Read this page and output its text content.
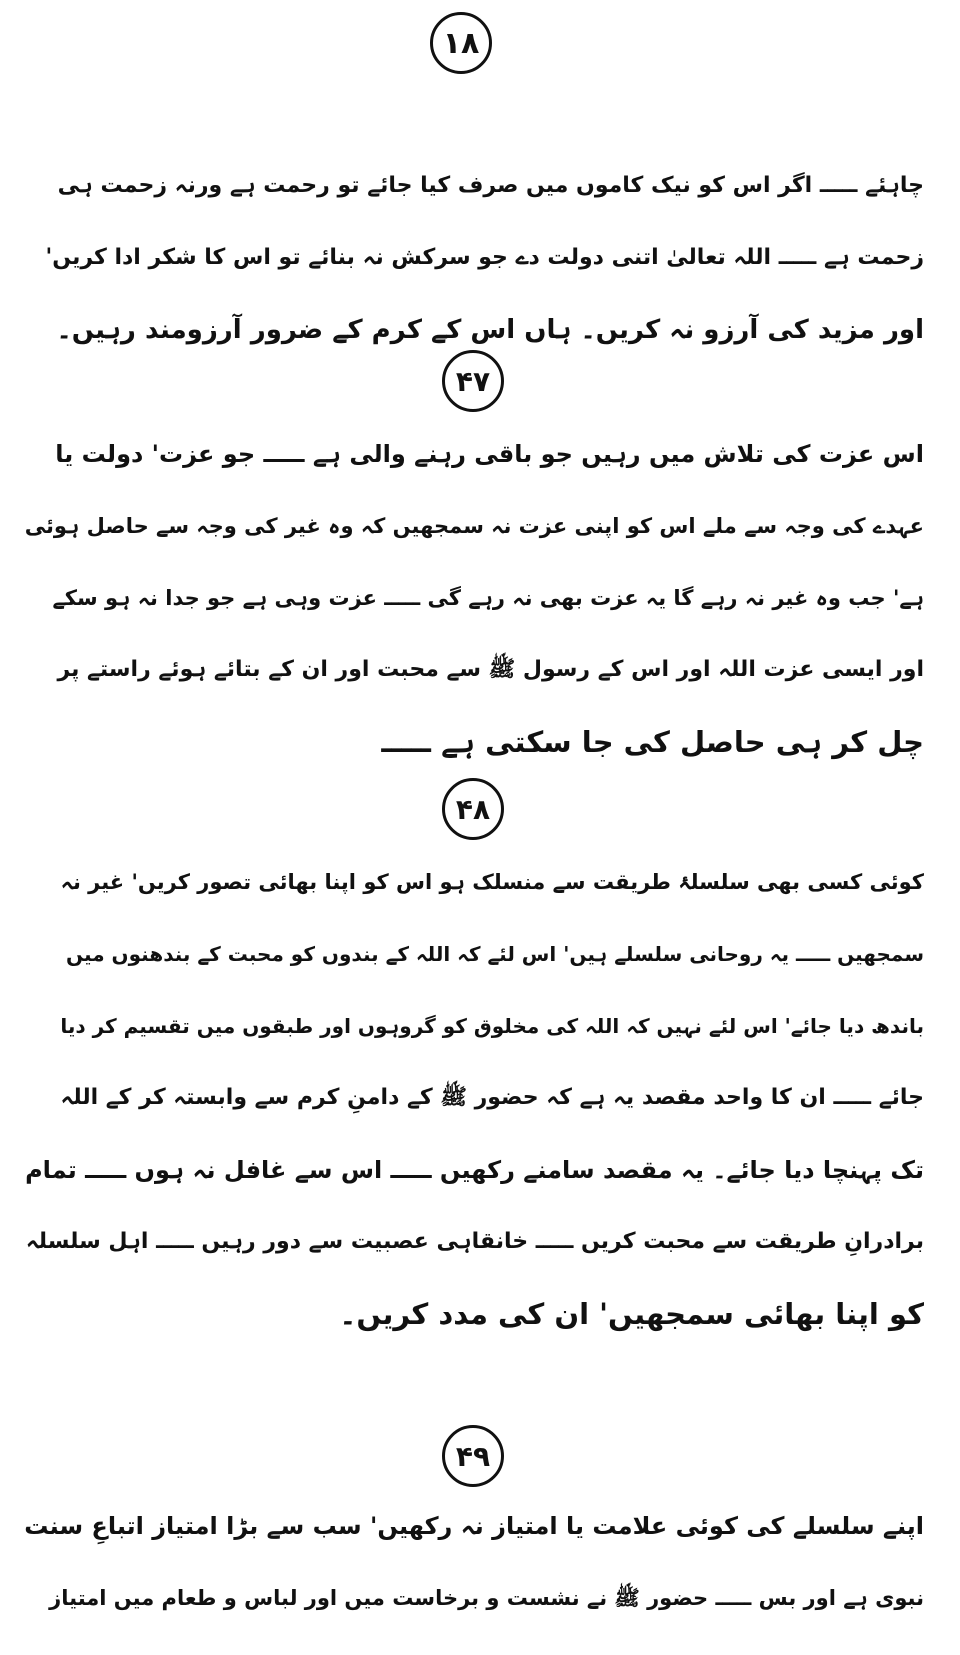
۱۸
چاہئے ـــــ اگر اس کو نیک کاموں میں صرف کیا جائے تو رحمت ہے ورنہ زحمت ہی
زحمت ہے ـــــ اللہ تعالیٰ اتنی دولت دے جو سرکش نہ بنائے تو اس کا شکر ادا کریں'
اور مزید کی آرزو نہ کریں۔ ہاں اس کے کرم کے ضرور آرزومند رہیں۔
۴۷
اس عزت کی تلاش میں رہیں جو باقی رہنے والی ہے ـــــ جو عزت' دولت یا
عہدے کی وجہ سے ملے اس کو اپنی عزت نہ سمجھیں کہ وہ غیر کی وجہ سے حاصل ہوئی
ہے' جب وہ غیر نہ رہے گا یہ عزت بھی نہ رہے گی ـــــ عزت وہی ہے جو جدا نہ ہو سکے
اور ایسی عزت اللہ اور اس کے رسول ﷺ سے محبت اور ان کے بتائے ہوئے راستے پر
چل کر ہی حاصل کی جا سکتی ہے ـــــ
۴۸
کوئی کسی بھی سلسلۂ طریقت سے منسلک ہو اس کو اپنا بھائی تصور کریں' غیر نہ
سمجھیں ـــــ یہ روحانی سلسلے ہیں' اس لئے کہ اللہ کے بندوں کو محبت کے بندھنوں میں
باندھ دیا جائے' اس لئے نہیں کہ اللہ کی مخلوق کو گروہوں اور طبقوں میں تقسیم کر دیا
جائے ـــــ ان کا واحد مقصد یہ ہے کہ حضور ﷺ کے دامنِ کرم سے وابستہ کر کے اللہ
تک پہنچا دیا جائے۔ یہ مقصد سامنے رکھیں ـــــ اس سے غافل نہ ہوں ـــــ تمام
برادرانِ طریقت سے محبت کریں ـــــ خانقاہی عصبیت سے دور رہیں ـــــ اہل سلسلہ
کو اپنا بھائی سمجھیں' ان کی مدد کریں۔
۴۹
اپنے سلسلے کی کوئی علامت یا امتیاز نہ رکھیں' سب سے بڑا امتیاز اتباعِ سنت
نبوی ہے اور بس ـــــ حضور ﷺ نے نشست و برخاست میں اور لباس و طعام میں امتیاز
